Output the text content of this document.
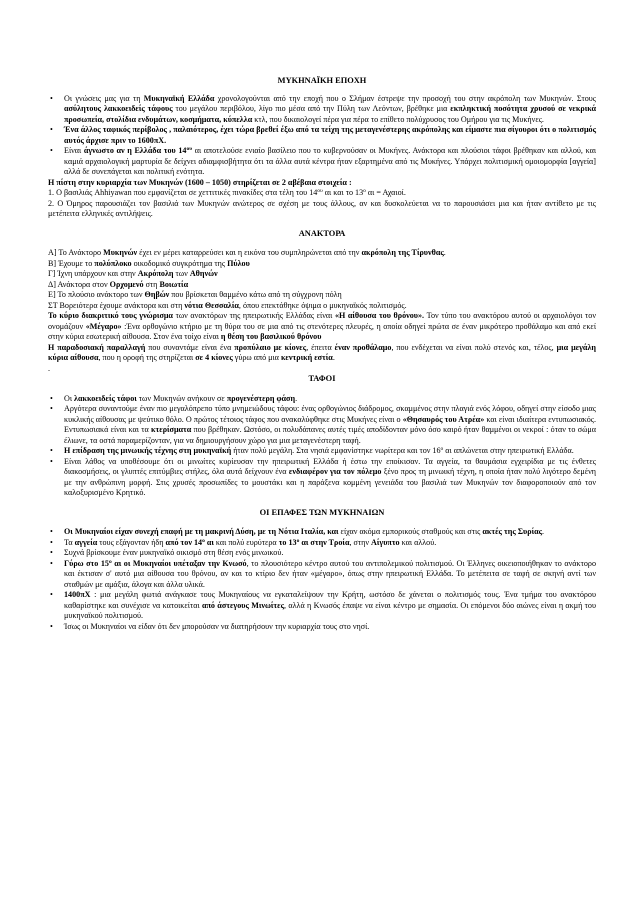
ΜΥΚΗΝΑΪΚΗ ΕΠΟΧΗ

• Οι γνώσεις μας για τη Μυκηναϊκή Ελλάδα χρονολογούνται από την εποχή που ο Σλήμαν έστρεψε την προσοχή του στην ακρόπολη των Μυκηνών. Στους ασύλητους λακκοειδείς τάφους του μεγάλου περιβόλου, λίγο πιο μέσα από την Πύλη των Λεόντων, βρέθηκε μια εκπληκτική ποσότητα χρυσού σε νεκρικά προσωπεία, στολίδια ενδυμάτων, κοσμήματα, κύπελλα κτλ, που δικαιολογεί πέρα για πέρα το επίθετο πολύχρυσος του Ομήρου για τις Μυκήνες.
• Ένα άλλος ταφικός περίβολος , παλαιότερος, έχει τώρα βρεθεί έξω από τα τείχη της μεταγενέστερης ακρόπολης και είμαστε πια σίγουροι ότι ο πολιτισμός αυτός άρχισε πριν το 1600πΧ.
• Είναι άγνωστο αν η Ελλάδα του $14^{o\upsilon}$ αι αποτελούσε ενιαίο βασίλειο που το κυβερνούσαν οι Μυκήνες. Ανάκτορα και πλούσιοι τάφοι βρέθηκαν και αλλού, και καμιά αρχαιολογική μαρτυρία δε δείχνει αδιαμφισβήτητα ότι τα άλλα αυτά κέντρα ήταν εξαρτημένα από τις Μυκήνες. Υπάρχει πολιτισμική ομοιομορφία [αγγεία] αλλά δε συνεπάγεται και πολιτική ενότητα.

Η πίστη στην κυριαρχία των Μυκηνών (1600 – 1050) στηρίζεται σε 2 αβέβαια στοιχεία :

1. Ο βασιλιάς Ahhiyawan που εμφανίζεται σε χεττιτικές πινακίδες στα τέλη του $14^{o\upsilon}$ αι και το $13^o$ αι = Αχαιοί.

2. Ο Όμηρος παρουσιάζει τον βασιλιά των Μυκηνών ανώτερος σε σχέση με τους άλλους, αν και δυσκολεύεται να το παρουσιάσει μια και ήταν αντίθετο με τις μετέπειτα ελληνικές αντιλήψεις.

ΑΝΑΚΤΟΡΑ

Α] Το Ανάκτορο Μυκηνών έχει εν μέρει καταρρεύσει και η εικόνα του συμπληρώνεται από την ακρόπολη της Τίρυνθας.

Β] Έχουμε το πολύπλοκο οικοδομικό συγκρότημα της Πύλου

Γ] Ίχνη υπάρχουν και στην Ακρόπολη των Αθηνών

Δ] Ανάκτορα στον Ορχομενό στη Βοιωτία

Ε] Το πλούσιο ανάκτορο των Θηβών που βρίσκεται θαμμένο κάτω από τη σύγχρονη πόλη

ΣΤ Βορειότερα έχουμε ανάκτορα και στη νότια Θεσσαλία, όπου επεκτάθηκε όψιμα ο μυκηναϊκός πολιτισμός.

Το κύριο διακριτικό τους γνώρισμα των ανακτόρων της ηπειρωτικής Ελλάδας είναι «Η αίθουσα του θρόνου». Τον τύπο του ανακτόρου αυτού οι αρχαιολόγοι τον ονομάζουν «Μέγαρο» :Ένα ορθογώνιο κτήριο με τη θύρα του σε μια από τις στενότερες πλευρές, η οποία οδηγεί πρώτα σε έναν μικρότερο προθάλαμο και από εκεί στην κύρια εσωτερική αίθουσα. Στον ένα τοίχο είναι η θέση του βασιλικού θρόνου

Η παραδοσιακή παραλλαγή που συναντάμε είναι ένα προπύλαιο με κίονες, έπειτα έναν προθάλαμο, που ενδέχεται να είναι πολύ στενός και, τέλος, μια μεγάλη κύρια αίθουσα, που η οροφή της στηρίζεται σε 4 κίονες γύρω από μια κεντρική εστία.

.

ΤΑΦΟΙ

• Οι λακκοειδείς τάφοι των Μυκηνών ανήκουν σε προγενέστερη φάση.
• Αργότερα συναντούμε έναν πιο μεγαλόπρεπο τύπο μνημειώδους τάφου: ένας ορθογώνιος διάδρομος, σκαμμένος στην πλαγιά ενός λόφου, οδηγεί στην είσοδο μιας κυκλικής αίθουσας με ψεύτικο θόλο. Ο πρώτος τέτοιος τάφος που ανακαλύφθηκε στις Μυκήνες είναι ο «Θησαυρός του Ατρέα» και είναι ιδιαίτερα εντυπωσιακός. Εντυπωσιακά είναι και τα κτερίσματα που βρέθηκαν. Ωστόσο, οι πολυδάπανες αυτές τιμές αποδίδονταν μόνο όσο καιρό ήταν θαμμένοι οι νεκροί : όταν το σώμα έλιωνε, τα οστά παραμερίζονταν, για να δημιουργήσουν χώρο για μια μεταγενέστερη ταφή.
• Η επίδραση της μινωικής τέχνης στη μυκηναϊκή ήταν πολύ μεγάλη. Στα νησιά εμφανίστηκε νωρίτερα και τον $16^o$ αι απλώνεται στην ηπειρωτική Ελλάδα.
• Είναι λάθος να υποθέσουμε ότι οι μινωίτες κυρίευσαν την ηπειρωτική Ελλάδα ή έστω την εποίκισαν. Τα αγγεία, τα θαυμάσια εγχειρίδια με τις ένθετες διακοσμήσεις, οι γλυπτές επιτύμβιες στήλες, όλα αυτά δείχνουν ένα ενδιαφέρον για τον πόλεμο ξένο προς τη μινωική τέχνη, η οποία ήταν πολύ λιγότερο δεμένη με την ανθρώπινη μορφή. Στις χρυσές προσωπίδες το μουστάκι και η παράξενα κομμένη γενειάδα του βασιλιά των Μυκηνών τον διαφοροποιούν από τον καλοξυρισμένο Κρητικό.

ΟΙ ΕΠΑΦΕΣ ΤΩΝ ΜΥΚΗΝΑΙΩΝ

• Οι Μυκηναίοι είχαν συνεχή επαφή με τη μακρινή Δύση, με τη Νότια Ιταλία, και είχαν ακόμα εμπορικούς σταθμούς και στις ακτές της Συρίας.
• Τα αγγεία τους εξάγονταν ήδη από τον $14^o$ αι και πολύ ευρύτερα το $13^o$ αι στην Τροία, στην Αίγυπτο και αλλού.
• Συχνά βρίσκουμε έναν μυκηναϊκό οικισμό στη θέση ενός μινωικού.
• Γύρω στο $15^o$ αι οι Μυκηναίοι υπέταξαν την Κνωσό, το πλουσιότερο κέντρο αυτού του αντιπολεμικού πολιτισμού. Οι Έλληνες οικειοποιήθηκαν το ανάκτορο και έκτισαν σ' αυτό μια αίθουσα του θρόνου, αν και το κτίριο δεν ήταν «μέγαρο», όπως στην ηπειρωτική Ελλάδα. Το μετέπειτα σε ταφή σε σκηνή αντί των σταθμών με αμάξια, άλογα και άλλα υλικά.
• 1400πΧ : μια μεγάλη φωτιά ανάγκασε τους Μυκηναίους να εγκαταλείψουν την Κρήτη, ωστόσο δε χάνεται ο πολιτισμός τους. Ένα τμήμα του ανακτόρου καθαρίστηκε και συνέχισε να κατοικείται από άστεγους Μινωίτες, αλλά η Κνωσός έπαψε να είναι κέντρο με σημασία. Οι επόμενοι δύο αιώνες είναι η ακμή του μυκηναϊκού πολιτισμού.
• Ίσως οι Μυκηναίοι να είδαν ότι δεν μπορούσαν να διατηρήσουν την κυριαρχία τους στο νησί.
